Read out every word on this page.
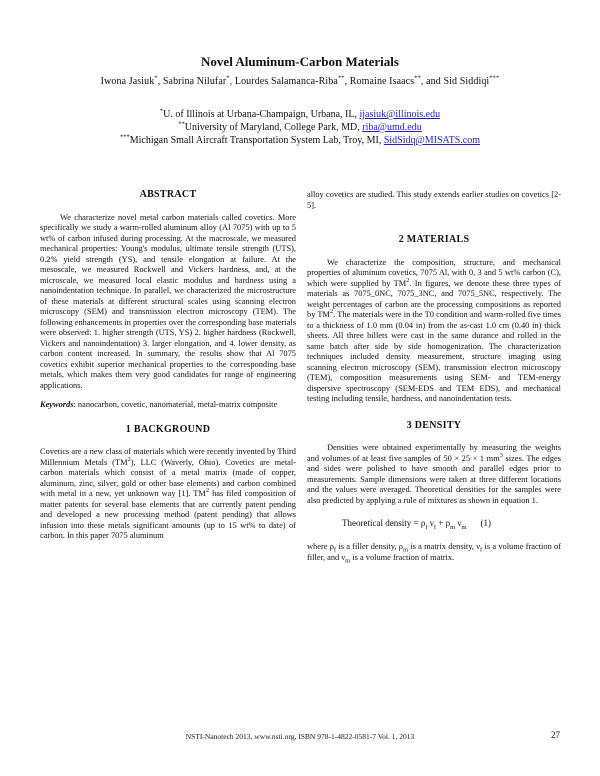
Novel Aluminum-Carbon Materials
Iwona Jasiuk*, Sabrina Nilufar*, Lourdes Salamanca-Riba**, Romaine Isaacs**, and Sid Siddiqi***
*U. of Illinois at Urbana-Champaign, Urbana, IL, ijasiuk@illinois.edu
**University of Maryland, College Park, MD, riba@umd.edu
***Michigan Small Aircraft Transportation System Lab, Troy, MI, SidSidq@MISATS.com

ABSTRACT

We characterize novel metal carbon materials called covetics. More specifically we study a warm-rolled aluminum alloy (Al 7075) with up to 5 wt% of carbon infused during processing. At the macroscale, we measured mechanical properties: Young's modulus, ultimate tensile strength (UTS), 0.2% yield strength (YS), and tensile elongation at failure. At the mesoscale, we measured Rockwell and Vickers hardness, and, at the microscale, we measured local elastic modulus and hardness using a nanoindentation technique. In parallel, we characterized the microstructure of these materials at different structural scales using scanning electron microscopy (SEM) and transmission electron microscopy (TEM). The following enhancements in properties over the corresponding base materials were observed: 1. higher strength (UTS, YS) 2. higher hardness (Rockwell, Vickers and nanoindentation) 3. larger elongation, and 4. lower density, as carbon content increased. In summary, the results show that Al 7075 covetics exhibit superior mechanical properties to the corresponding base metals, which makes them very good candidates for range of engineering applications.

Keywords: nanocarbon, covetic, nanomaterial, metal-matrix composite

1 BACKGROUND

Covetics are a new class of materials which were recently invented by Third Millennium Metals $(TM^2)$, LLC (Waverly, Ohio). Covetics are metal-carbon materials which consist of a metal matrix (made of copper, aluminum, zinc, silver, gold or other base elements) and carbon combined with metal in a new, yet unknown way [1]. $TM^2$ has filed composition of matter patents for several base elements that are currently patent pending and developed a new processing method (patent pending) that allows infusion into these metals significant amounts (up to 15 wt% to date) of carbon. In this paper 7075 aluminum

alloy covetics are studied. This study extends earlier studies on covetics [2-5].

2 MATERIALS

We characterize the composition, structure, and mechanical properties of aluminum covetics, 7075 Al, with 0, 3 and 5 wt% carbon (C), which were supplied by $TM^2$. In figures, we denote these three types of materials as 7075_0NC, 7075_3NC, and 7075_5NC, respectively. The weight percentages of carbon are the processing compositions as reported by $TM^2$. The materials were in the T0 condition and warm-rolled five times to a thickness of 1.0 mm (0.04 in) from the as-cast 1.0 cm (0.40 in) thick sheets. All three billets were cast in the same durance and rolled in the same batch after side by side homogenization. The characterization techniques included density measurement, structure imaging using scanning electron microscopy (SEM), transmission electron microscopy (TEM), composition measurements using SEM- and TEM-energy dispersive spectroscopy (SEM-EDS and TEM EDS), and mechanical testing including tensile, hardness, and nanoindentation tests.

3 DENSITY

Densities were obtained experimentally by measuring the weights and volumes of at least five samples of 50 × 25 × 1 $mm^3$ sizes. The edges and sides were polished to have smooth and parallel edges prior to measurements. Sample dimensions were taken at three different locations and the values were averaged. Theoretical densities for the samples were also predicted by applying a rule of mixtures as shown in equation 1.

Theoretical density = $\rho_f$ $\nu_f + \rho_m$ $\nu_m$ (1)

where $\rho_f$ is a filler density, $\rho_m$ is a matrix density, $\nu_f$ is a volume fraction of filler, and $\nu_m$ is a volume fraction of matrix.

NSTI-Nanotech 2013, www.nsti.org, ISBN 978-1-4822-0581-7 Vol. 1, 2013	27
